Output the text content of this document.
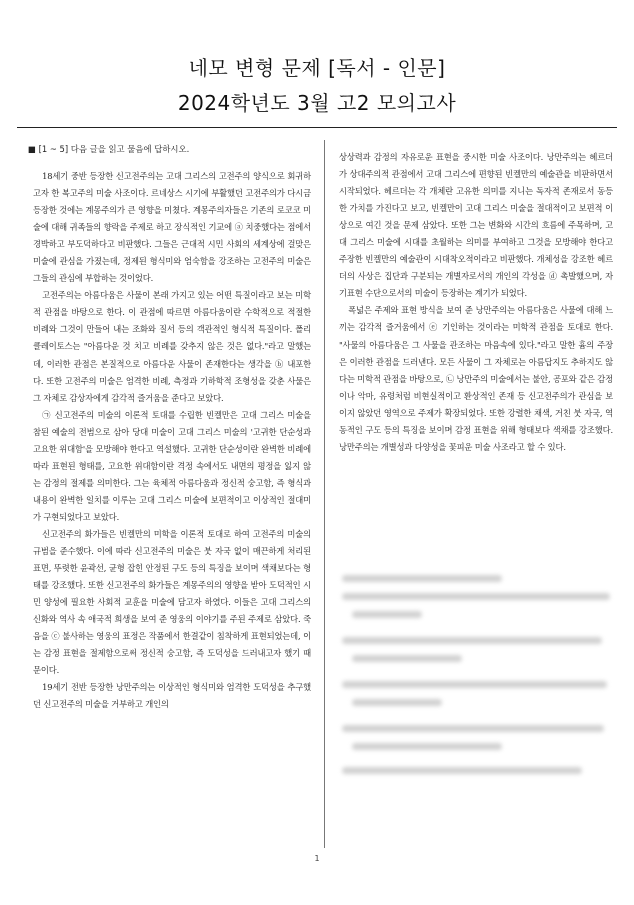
네모 변형 문제 [독서 - 인문]
2024학년도 3월 고2 모의고사
■ [1 ~ 5] 다음 글을 읽고 물음에 답하시오.

18세기 중반 등장한 신고전주의는 고대 그리스의 고전주의 양식으로 회귀하고자 한 복고주의 미술 사조이다. 르네상스 시기에 부활했던 고전주의가 다시금 등장한 것에는 계몽주의가 큰 영향을 미쳤다. 계몽주의자들은 기존의 로코코 미술에 대해 귀족들의 향락을 주제로 하고 장식적인 기교에 ⓐ 치중했다는 점에서 경박하고 부도덕하다고 비판했다. 그들은 근대적 시민 사회의 세계상에 걸맞은 미술에 관심을 가졌는데, 정제된 형식미와 엄숙함을 강조하는 고전주의 미술은 그들의 관심에 부합하는 것이었다.

고전주의는 아름다움은 사물이 본래 가지고 있는 어떤 특질이라고 보는 미학적 관점을 바탕으로 한다. 이 관점에 따르면 아름다움이란 수학적으로 적절한 비례와 그것이 만들어 내는 조화와 질서 등의 객관적인 형식적 특질이다. 폴리클레이토스는 "아름다운 것 치고 비례를 갖추지 않은 것은 없다."라고 말했는데, 이러한 관점은 본질적으로 아름다운 사물이 존재한다는 생각을 ⓑ 내포한다. 또한 고전주의 미술은 엄격한 비례, 측정과 기하학적 조형성을 갖춘 사물은 그 자체로 감상자에게 감각적 즐거움을 준다고 보았다.

㉠ 신고전주의 미술의 이론적 토대를 수립한 빈켈만은 고대 그리스 미술을 참된 예술의 전범으로 삼아 당대 미술이 고대 그리스 미술의 '고귀한 단순성과 고요한 위대함'을 모방해야 한다고 역설했다. 고귀한 단순성이란 완벽한 비례에 따라 표현된 형태를, 고요한 위대함이란 격정 속에서도 내면의 평정을 잃지 않는 감정의 절제를 의미한다. 그는 육체적 아름다움과 정신적 숭고함, 즉 형식과 내용이 완벽한 일치를 이루는 고대 그리스 미술에 보편적이고 이상적인 절대미가 구현되었다고 보았다.

신고전주의 화가들은 빈켈만의 미학을 이론적 토대로 하여 고전주의 미술의 규범을 준수했다. 이에 따라 신고전주의 미술은 붓 자국 없이 매끈하게 처리된 표면, 뚜렷한 윤곽선, 균형 잡힌 안정된 구도 등의 특징을 보이며 색채보다는 형태를 강조했다. 또한 신고전주의 화가들은 계몽주의의 영향을 받아 도덕적인 시민 양성에 필요한 사회적 교훈을 미술에 담고자 하였다. 이들은 고대 그리스의 신화와 역사 속 애국적 희생을 보여 준 영웅의 이야기를 주된 주제로 삼았다. 죽음을 ⓒ 불사하는 영웅의 표정은 작품에서 한결같이 침착하게 표현되었는데, 이는 감정 표현을 절제함으로써 정신적 숭고함, 즉 도덕성을 드러내고자 했기 때문이다.

19세기 전반 등장한 낭만주의는 이상적인 형식미와 엄격한 도덕성을 추구했던 신고전주의 미술을 거부하고 개인의

상상력과 감정의 자유로운 표현을 중시한 미술 사조이다. 낭만주의는 헤르더가 상대주의적 관점에서 고대 그리스에 편향된 빈켈만의 예술관을 비판하면서 시작되었다. 헤르더는 각 개체란 고유한 의미를 지니는 독자적 존재로서 동등한 가치를 가진다고 보고, 빈켈만이 고대 그리스 미술을 절대적이고 보편적 이상으로 여긴 것을 문제 삼았다. 또한 그는 변화와 시간의 흐름에 주목하며, 고대 그리스 미술에 시대를 초월하는 의미를 부여하고 그것을 모방해야 한다고 주장한 빈켈만의 예술관이 시대착오적이라고 비판했다. 개체성을 강조한 헤르더의 사상은 집단과 구분되는 개별자로서의 개인의 각성을 ⓓ 촉발했으며, 자기표현 수단으로서의 미술이 등장하는 계기가 되었다.

폭넓은 주제와 표현 방식을 보여 준 낭만주의는 아름다움은 사물에 대해 느끼는 감각적 즐거움에서 ⓔ 기인하는 것이라는 미학적 관점을 토대로 한다. "사물의 아름다움은 그 사물을 관조하는 마음속에 있다."라고 말한 흄의 주장은 이러한 관점을 드러낸다. 모든 사물이 그 자체로는 아름답지도 추하지도 않다는 미학적 관점을 바탕으로, ㉡ 낭만주의 미술에서는 불안, 공포와 같은 감정이나 악마, 유령처럼 비현실적이고 환상적인 존재 등 신고전주의가 관심을 보이지 않았던 영역으로 주제가 확장되었다. 또한 강렬한 채색, 거친 붓 자국, 역동적인 구도 등의 특징을 보이며 감정 표현을 위해 형태보다 색채를 강조했다. 낭만주의는 개별성과 다양성을 꽃피운 미술 사조라고 할 수 있다.

1
